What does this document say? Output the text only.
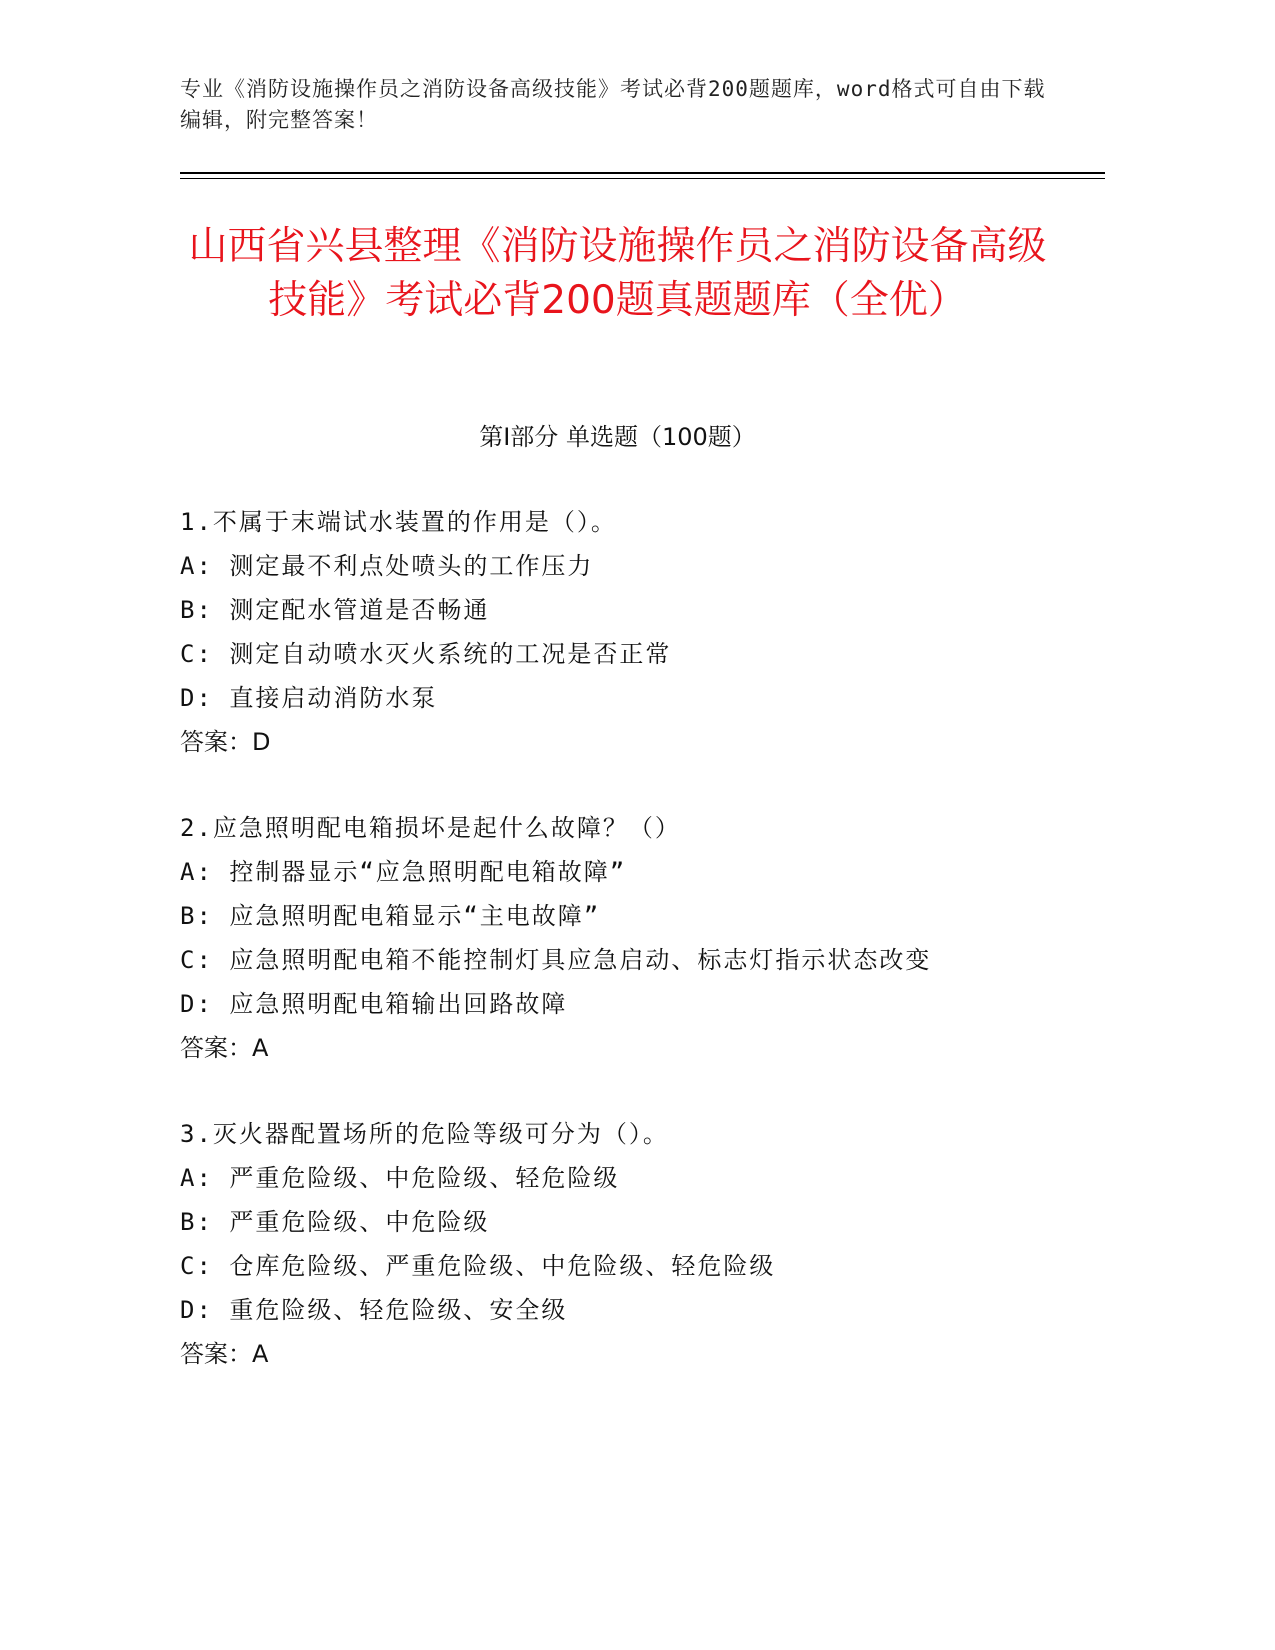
专业《消防设施操作员之消防设备高级技能》考试必背200题题库，word格式可自由下载编辑，附完整答案！

山西省兴县整理《消防设施操作员之消防设备高级技能》考试必背200题真题题库（全优）
第I部分 单选题（100题）
1.不属于末端试水装置的作用是（）。
A: 测定最不利点处喷头的工作压力
B: 测定配水管道是否畅通
C: 测定自动喷水灭火系统的工况是否正常
D: 直接启动消防水泵
答案：D
2.应急照明配电箱损坏是起什么故障？（）
A: 控制器显示“应急照明配电箱故障”
B: 应急照明配电箱显示“主电故障”
C: 应急照明配电箱不能控制灯具应急启动、标志灯指示状态改变
D: 应急照明配电箱输出回路故障
答案：A
3.灭火器配置场所的危险等级可分为（）。
A: 严重危险级、中危险级、轻危险级
B: 严重危险级、中危险级
C: 仓库危险级、严重危险级、中危险级、轻危险级
D: 重危险级、轻危险级、安全级
答案：A
